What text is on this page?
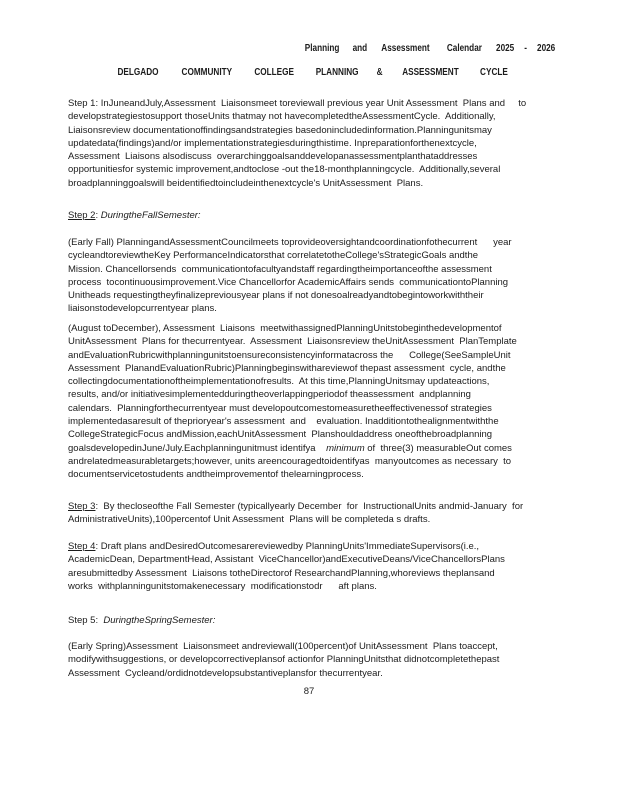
Planning and Assessment Calendar 2025 - 2026
DELGADO COMMUNITY COLLEGE PLANNING & ASSESSMENT CYCLE
Step 1: InJuneandJuly,Assessment  Liaisonsmeet toreviewall previous year Unit Assessment  Plans and     to
developstrategiestosupport thoseUnits thatmay not havecompletedtheAssessmentCycle.  Additionally,
Liaisonsreview documentationoffindingsandstrategies basedonincludedinformation.Planningunitsmay
updatedata(findings)and/or implementationstrategiesduringthistime. Inpreparationforthenextcycle,
Assessment  Liaisons alsodiscuss  overarchinggoalsanddevelopanassessmentplanthataddresses
opportunitiesfor systemic improvement,andtoclose -out the18-monthplanningcycle.  Additionally,several
broadplanninggoalswill beidentifiedtoincludeinthenextcycle's UnitAssessment  Plans.
Step 2: DuringtheFallSemester:
(Early Fall) PlanningandAssessmentCouncilmeets toprovideoversightandcoordinationfothecurrent      year
cycleandtoreviewtheKey PerformanceIndicatorsthat correlatetotheCollege'sStrategicGoals andthe
Mission. Chancellorsends  communicationtofacultyandstaff regardingtheimportanceofthe assessment
process  tocontinuousimprovement.Vice Chancellorfor AcademicAffairs sends  communicationtoPlanning
Unitheads requestingtheyfinalizepreviousyear plans if not donesoalreadyandtobegintoworkwiththeir
liaisonstodevelopcurrentyear plans.
(August toDecember), Assessment  Liaisons  meetwithassignedPlanningUnitstobeginthedevelopmentof
UnitAssessment  Plans for thecurrentyear.  Assessment  Liaisonsreview theUnitAssessment  PlanTemplate
andEvaluationRubricwithplanningunitstoensureconsistencyinformatacross the      College(SeeSampleUnit
Assessment  PlanandEvaluationRubric)Planningbeginswithareviewof thepast assessment  cycle, andthe
collectingdocumentationoftheimplementationofresults.  At this time,PlanningUnitsmay updateactions,
results, and/or initiativesimplementedduringtheoverlappingperiodof theassessment  andplanning
calendars.  Planningforthecurrentyear must developoutcomestomeasuretheeffectivenessof strategies
implementedasaresult of theprioryear's assessment  and    evaluation. Inadditiontothealignmentwiththe
CollegeStrategicFocus andMission,eachUnitAssessment  Planshouldaddress oneofthebroadplanning
goalsdevelopedinJune/July.Eachplanningunitmust identifya    minimum of  three(3) measurableOut comes
andrelatedmeasurabletargets;however, units areencouragedtoidentifyas  manyoutcomes as necessary  to
documentservicetostudents andtheimprovementof thelearningprocess.
Step 3:  By thecloseofthe Fall Semester (typicallyearly December  for  InstructionalUnits andmid-January  for
AdministrativeUnits),100percentof Unit Assessment  Plans will be completeda s drafts.
Step 4: Draft plans andDesiredOutcomesarereviewedby PlanningUnits'ImmediateSupervisors(i.e.,
AcademicDean, DepartmentHead, Assistant  ViceChancellor)andExecutiveDeans/ViceChancellorsPlans
aresubmittedby Assessment  Liaisons totheDirectorof ResearchandPlanning,whoreviews theplansand
works  withplanningunitstomakenecessary  modificationstodr      aft plans.
Step 5:  DuringtheSpringSemester:
(Early Spring)Assessment  Liaisonsmeet andreviewall(100percent)of UnitAssessment  Plans toaccept,
modifywithsuggestions, or developcorrectiveplansof actionfor PlanningUnitsthat didnotcompletethepast
Assessment  Cycleand/ordidnotdevelopsubstantiveplansfor thecurrentyear.
87
